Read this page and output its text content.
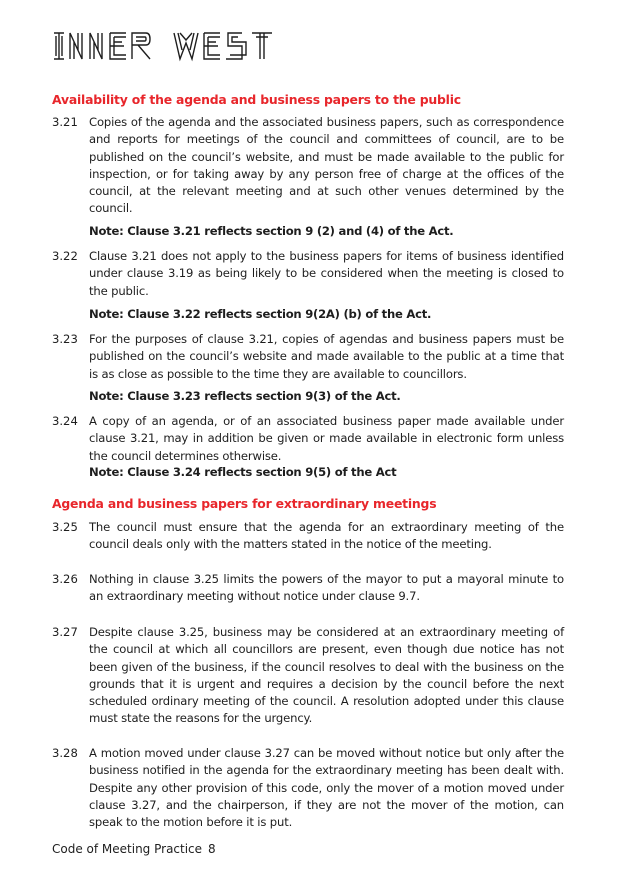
Availability of the agenda and business papers to the public
3.21 Copies of the agenda and the associated business papers, such as correspondence and reports for meetings of the council and committees of council, are to be published on the council’s website, and must be made available to the public for inspection, or for taking away by any person free of charge at the offices of the council, at the relevant meeting and at such other venues determined by the council.
Note: Clause 3.21 reflects section 9 (2) and (4) of the Act.
3.22 Clause 3.21 does not apply to the business papers for items of business identified under clause 3.19 as being likely to be considered when the meeting is closed to the public.
Note: Clause 3.22 reflects section 9(2A) (b) of the Act.
3.23 For the purposes of clause 3.21, copies of agendas and business papers must be published on the council’s website and made available to the public at a time that is as close as possible to the time they are available to councillors.
Note: Clause 3.23 reflects section 9(3) of the Act.
3.24 A copy of an agenda, or of an associated business paper made available under clause 3.21, may in addition be given or made available in electronic form unless the council determines otherwise.
Note: Clause 3.24 reflects section 9(5) of the Act
Agenda and business papers for extraordinary meetings
3.25 The council must ensure that the agenda for an extraordinary meeting of the council deals only with the matters stated in the notice of the meeting.
3.26 Nothing in clause 3.25 limits the powers of the mayor to put a mayoral minute to an extraordinary meeting without notice under clause 9.7.
3.27 Despite clause 3.25, business may be considered at an extraordinary meeting of the council at which all councillors are present, even though due notice has not been given of the business, if the council resolves to deal with the business on the grounds that it is urgent and requires a decision by the council before the next scheduled ordinary meeting of the council. A resolution adopted under this clause must state the reasons for the urgency.
3.28 A motion moved under clause 3.27 can be moved without notice but only after the business notified in the agenda for the extraordinary meeting has been dealt with. Despite any other provision of this code, only the mover of a motion moved under clause 3.27, and the chairperson, if they are not the mover of the motion, can speak to the motion before it is put.
Code of Meeting Practice 8
